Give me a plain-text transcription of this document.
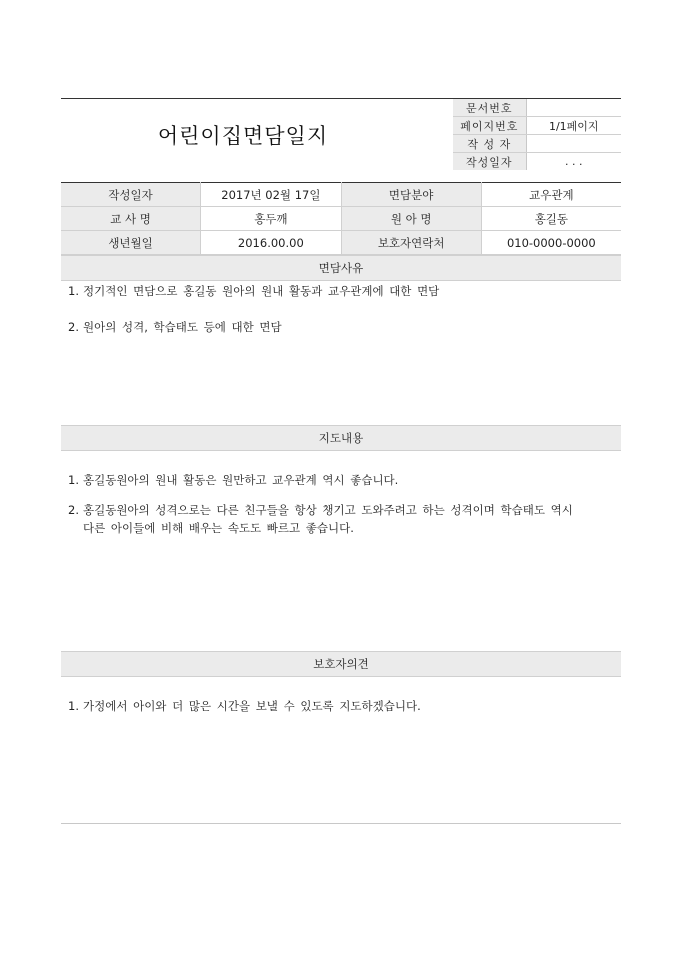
어린이집면담일지
문서번호	
페이지번호	1/1페이지
작 성 자	
작성일자	. . .
작성일자	2017년 02월 17일	면담분야	교우관계
교 사 명	홍두깨	원 아 명	홍길동
생년월일	2016.00.00	보호자연락처	010-0000-0000
면담사유
1. 정기적인 면담으로 홍길동 원아의 원내 활동과 교우관계에 대한 면담
2. 원아의 성격, 학습태도 등에 대한 면담
지도내용
1. 홍길동원아의 원내 활동은 원만하고 교우관계 역시 좋습니다.
2. 홍길동원아의 성격으로는 다른 친구들을 항상 챙기고 도와주려고 하는 성격이며 학습태도 역시 다른 아이들에 비해 배우는 속도도 빠르고 좋습니다.
보호자의견
1. 가정에서 아이와 더 많은 시간을 보낼 수 있도록 지도하겠습니다.
